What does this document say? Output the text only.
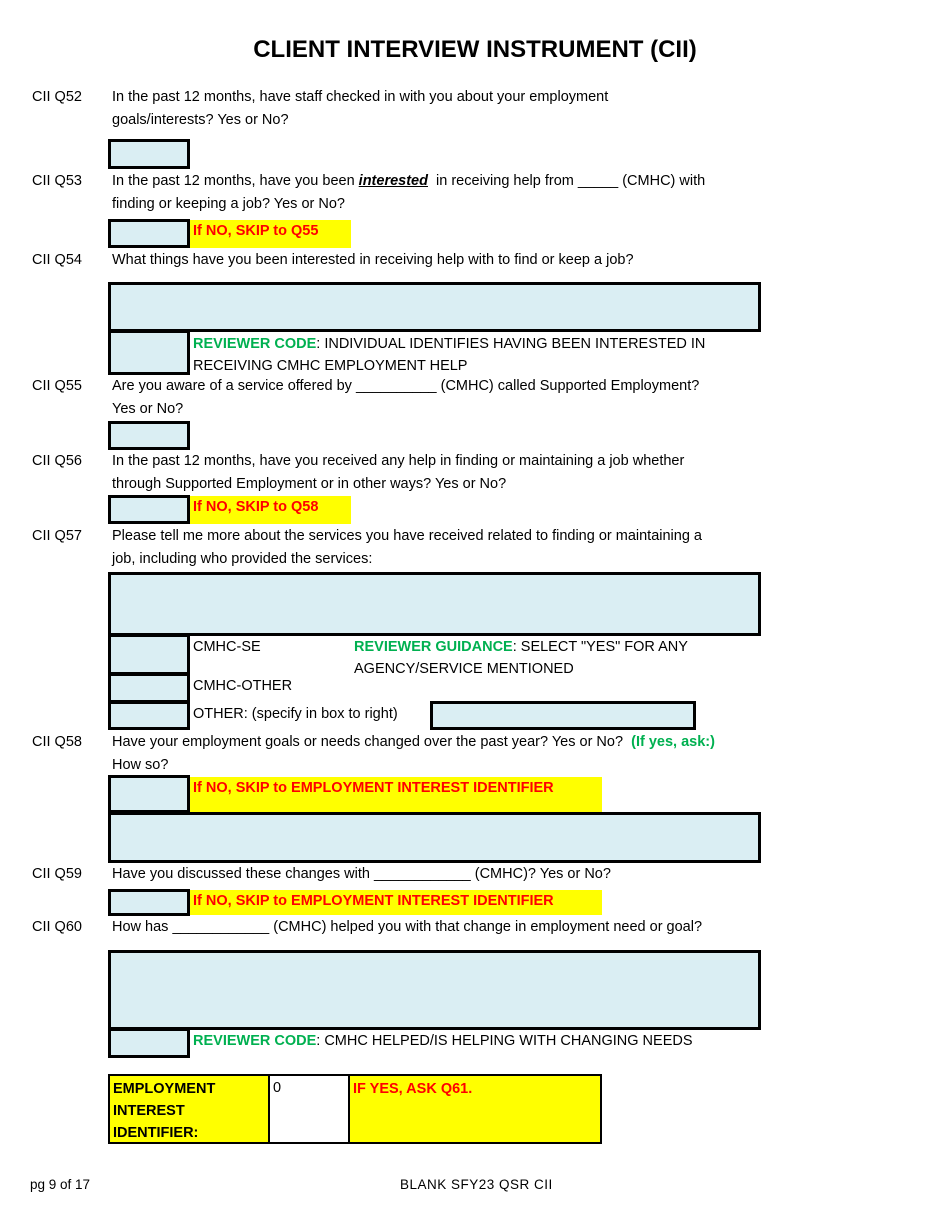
CLIENT INTERVIEW INSTRUMENT (CII)
CII Q52 In the past 12 months, have staff checked in with you about your employment
goals/interests? Yes or No?
CII Q53 In the past 12 months, have you been interested  in receiving help from _____ (CMHC) with
finding or keeping a job? Yes or No?
If NO, SKIP to Q55
CII Q54 What things have you been interested in receiving help with to find or keep a job?
REVIEWER CODE: INDIVIDUAL IDENTIFIES HAVING BEEN INTERESTED IN
RECEIVING CMHC EMPLOYMENT HELP
CII Q55 Are you aware of a service offered by __________ (CMHC) called Supported Employment?
Yes or No?
CII Q56 In the past 12 months, have you received any help in finding or maintaining a job whether
through Supported Employment or in other ways? Yes or No?
If NO, SKIP to Q58
CII Q57 Please tell me more about the services you have received related to finding or maintaining a
job, including who provided the services:
CMHC-SE	REVIEWER GUIDANCE: SELECT "YES" FOR ANY
AGENCY/SERVICE MENTIONED
CMHC-OTHER
OTHER: (specify in box to right)
CII Q58 Have your employment goals or needs changed over the past year? Yes or No? (If yes, ask:)
How so?
If NO, SKIP to EMPLOYMENT INTEREST IDENTIFIER
CII Q59 Have you discussed these changes with ____________ (CMHC)? Yes or No?
If NO, SKIP to EMPLOYMENT INTEREST IDENTIFIER
CII Q60 How has ____________ (CMHC) helped you with that change in employment need or goal?
REVIEWER CODE: CMHC HELPED/IS HELPING WITH CHANGING NEEDS
EMPLOYMENT
INTEREST IDENTIFIER:
0	IF YES, ASK Q61.
pg 9 of 17	BLANK SFY23 QSR CII
